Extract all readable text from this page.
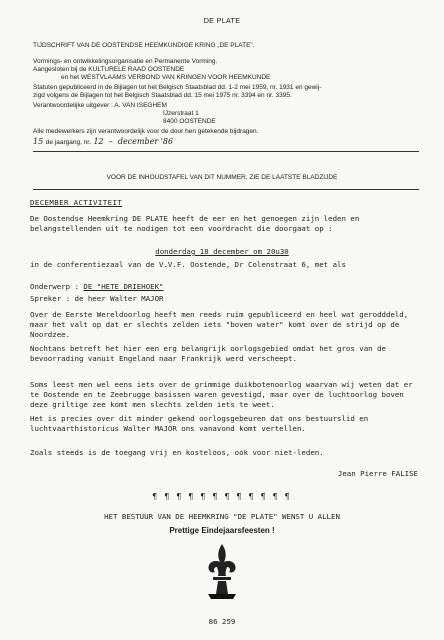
DE PLATE
TIJDSCHRIFT VAN DE OOSTENDSE HEEMKUNDIGE KRING „DE PLATE”.
Vormings- en ontwikkelingsorganisatie en Permanente Vorming.
Aangesloten bij de KULTURELE RAAD OOSTENDE
en het WESTVLAAMS VERBOND VAN KRINGEN VOOR HEEMKUNDE
Statuten gepubliceerd in de Bijlagen tot het Belgisch Staatsblad dd. 1-2 mei 1959, nr. 1931 en gewij-
zigd volgens de Bijlagen tot het Belgisch Staatsblad dd. 15 mei 1975 nr. 3394 en nr. 3395.
Verantwoordelijke uitgever : A. VAN ISEGHEM
IJzerstraat 1
8400 OOSTENDE
Alle medewerkers zijn verantwoordelijk voor de door hen getekende bijdragen.
15 de jaargang, nr. 12  –  december '86
VOOR DE INHOUDSTAFEL VAN DIT NUMMER, ZIE DE LAATSTE BLADZIJDE
DECEMBER ACTIVITEIT
De Oostendse Heemkring DE PLATE heeft de eer en het genoegen zijn leden en belangstellenden uit te nodigen tot een voordracht die doorgaat op :
donderdag 18 december om 20u30
in de conferentiezaal van de V.V.F. Oostende, Dr Colenstraat 6, met als
Onderwerp : DE "HETE DRIEHOEK"
Spreker : de heer Walter MAJOR
Over de Eerste Wereldoorlog heeft men reeds ruim gepubliceerd en heel wat gerodddeld, maar het valt op dat er slechts zelden iets "boven water" komt over de strijd op de Noordzee.
Nochtans betreft het hier een erg belangrijk oorlogsgebied omdat het gros van de bevoorrading vanuit Engeland naar Frankrijk werd verscheept.
Soms leest men wel eens iets over de grimmige duikbotenoorlog waarvan wij weten dat er te Oostende en te Zeebrugge basissen waren gevestigd, maar over de luchtoorlog boven deze griltige zee komt men slechts zelden iets te weet.
Het is precies over dit minder gekend oorlogsgebeuren dat ons bestuurslid en luchtvaarthistoricus Walter MAJOR ons vanavond komt vertellen.
Zoals steeds is de toegang vrij en kosteloos, ook voor niet-leden.
Jean Pierre FALISE
¶ ¶ ¶ ¶ ¶ ¶ ¶ ¶ ¶ ¶ ¶ ¶
HET BESTUUR VAN DE HEEMKRING "DE PLATE" WENST U ALLEN
Prettige Eindejaarsfeesten !
86 259
